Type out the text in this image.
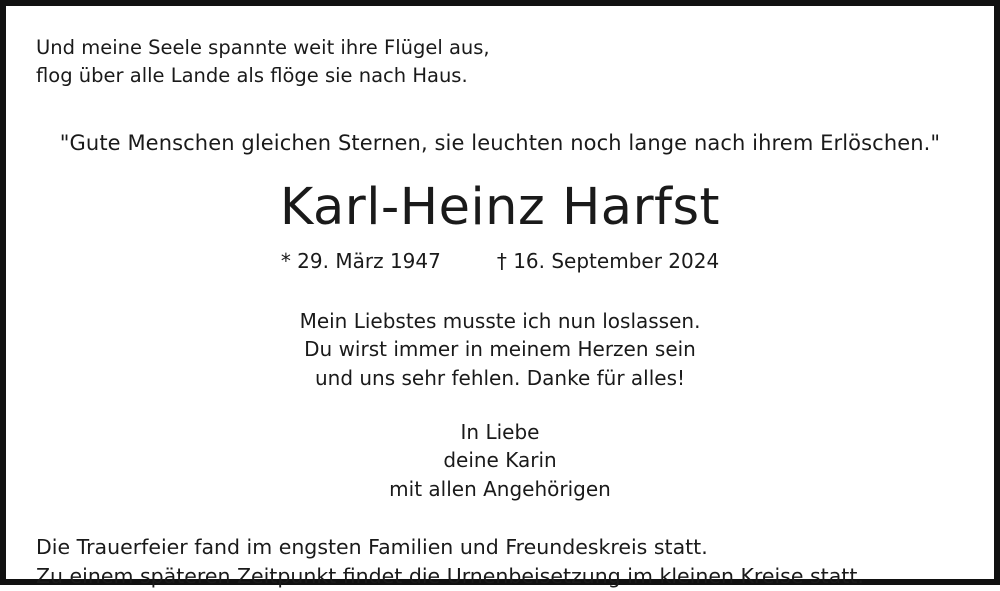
Und meine Seele spannte weit ihre Flügel aus,
flog über alle Lande als flöge sie nach Haus.
"Gute Menschen gleichen Sternen, sie leuchten noch lange nach ihrem Erlöschen."
Karl-Heinz Harfst
* 29. März 1947	† 16. September 2024
Mein Liebstes musste ich nun loslassen.
Du wirst immer in meinem Herzen sein
und uns sehr fehlen. Danke für alles!
In Liebe
deine Karin
mit allen Angehörigen
Die Trauerfeier fand im engsten Familien und Freundeskreis statt.
Zu einem späteren Zeitpunkt findet die Urnenbeisetzung im kleinen Kreise statt.
